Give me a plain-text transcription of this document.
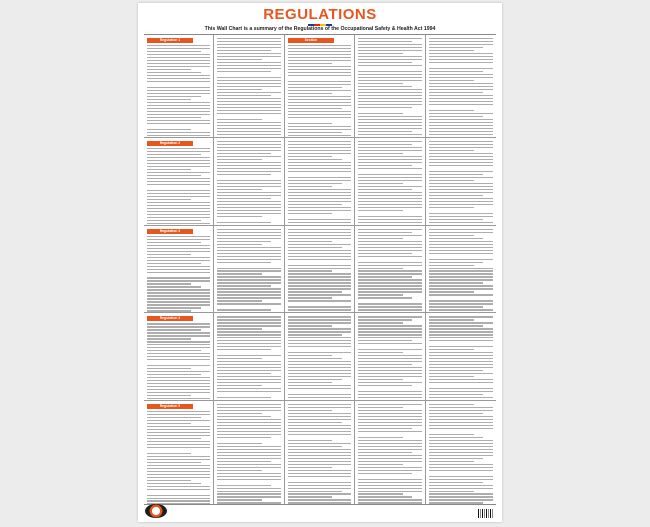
REGULATIONS
This Wall Chart is a summary of the Regulations of the Occupational Safety & Health Act 1994
Regulation 1	Section
Regulation 2
Regulation 3
Regulation 4
Regulation 5
